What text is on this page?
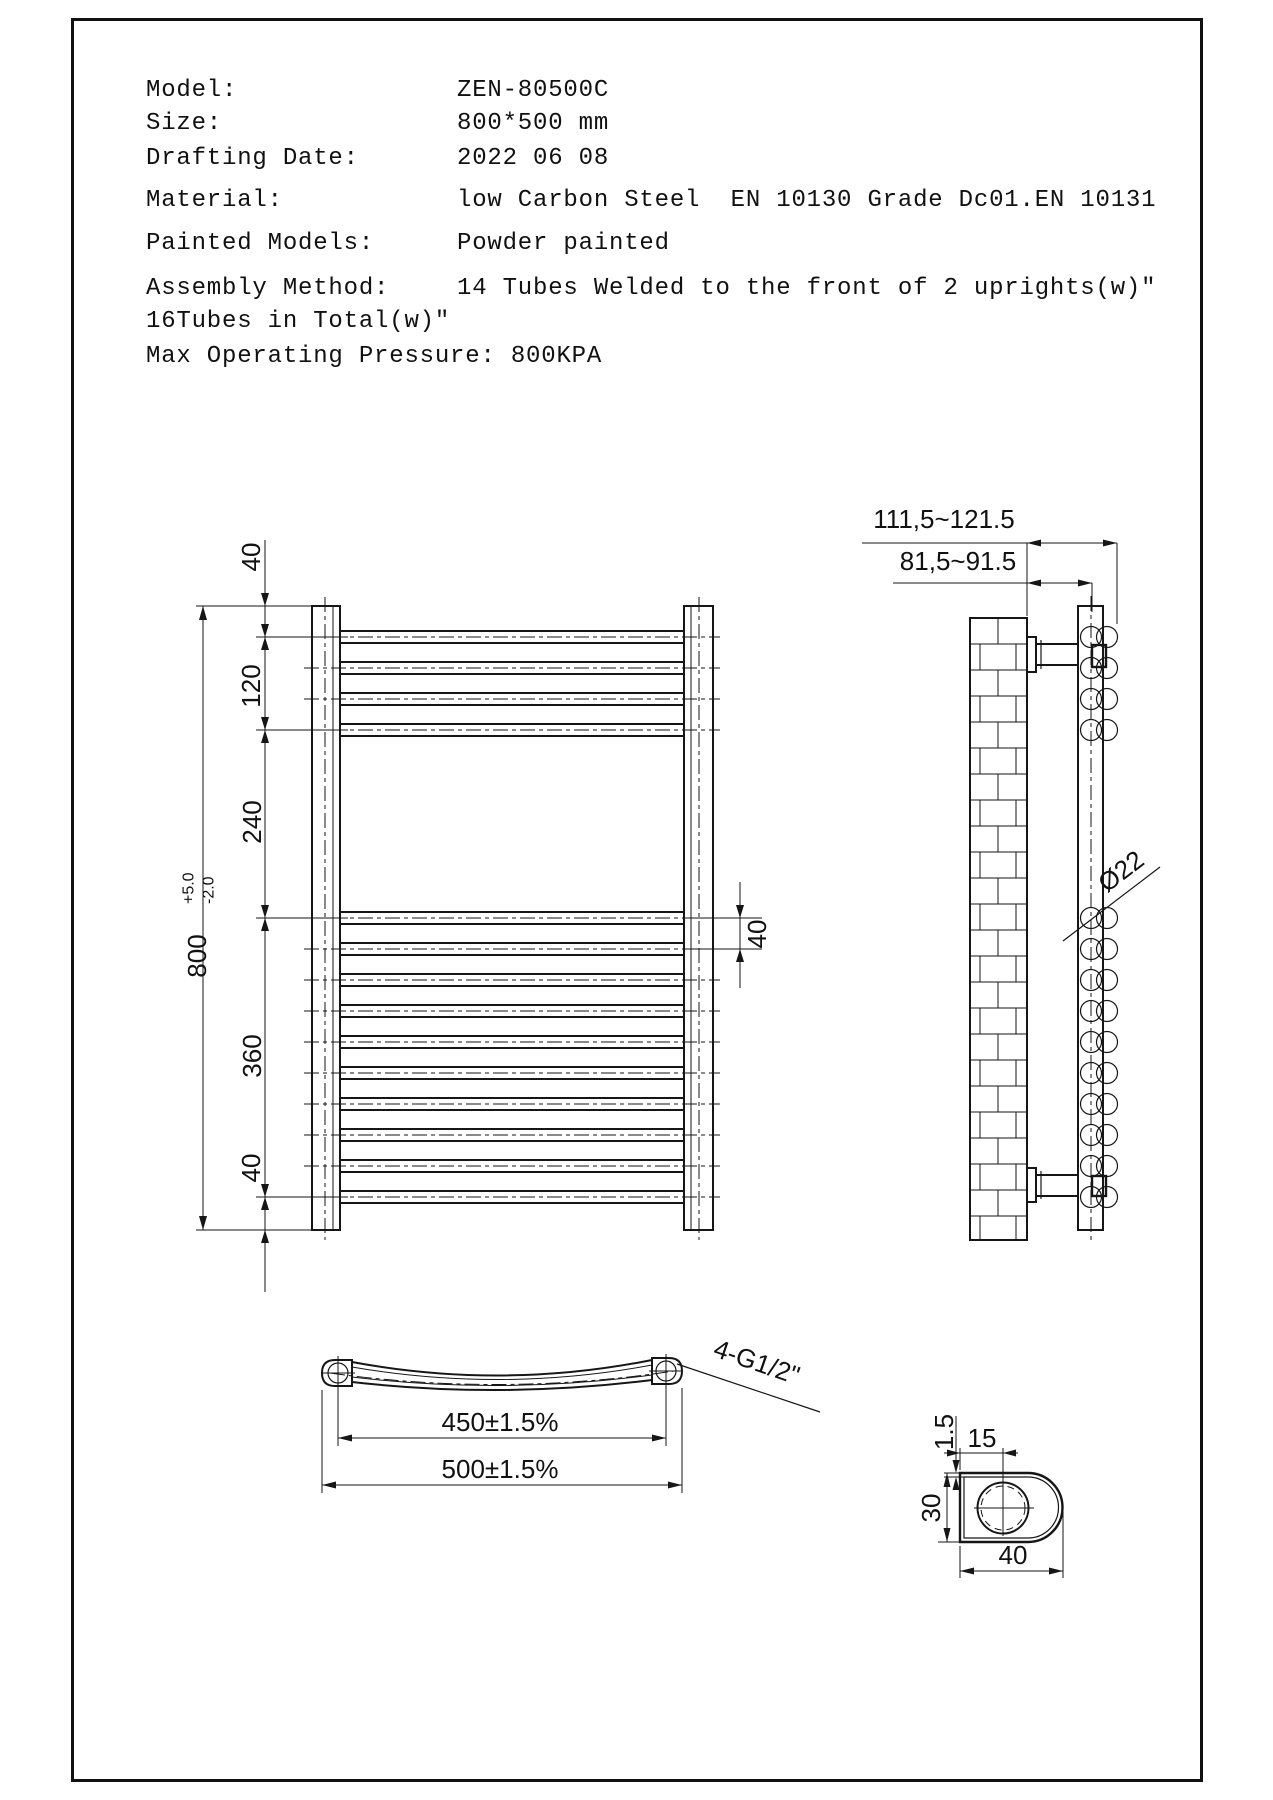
Model:	ZEN-80500C
Size:	800*500 mm
Drafting Date:	2022 06 08
Material:	low Carbon Steel  EN 10130 Grade Dc01.EN 10131
Painted Models:	Powder painted
Assembly Method:	14 Tubes Welded to the front of 2 uprights(w)"
16Tubes in Total(w)"
Max Operating Pressure: 800KPA
800
+5.0 -2.0
40
120
240
360
40
40
111,5~121.5
81,5~91.5
Ø22
4-G1/2"
450±1.5%
500±1.5%
1.5
30
15
40
